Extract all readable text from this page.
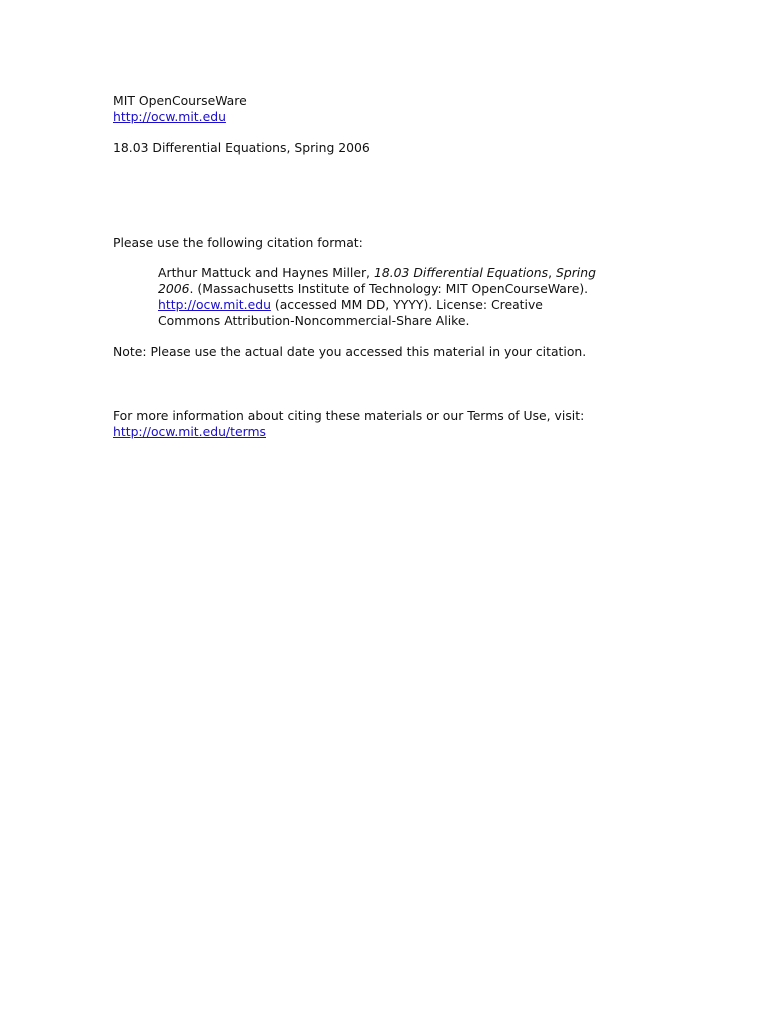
MIT OpenCourseWare
http://ocw.mit.edu
18.03 Differential Equations, Spring 2006
Please use the following citation format:
Arthur Mattuck and Haynes Miller, 18.03 Differential Equations, Spring
2006. (Massachusetts Institute of Technology: MIT OpenCourseWare).
http://ocw.mit.edu (accessed MM DD, YYYY). License: Creative
Commons Attribution-Noncommercial-Share Alike.
Note: Please use the actual date you accessed this material in your citation.
For more information about citing these materials or our Terms of Use, visit:
http://ocw.mit.edu/terms
